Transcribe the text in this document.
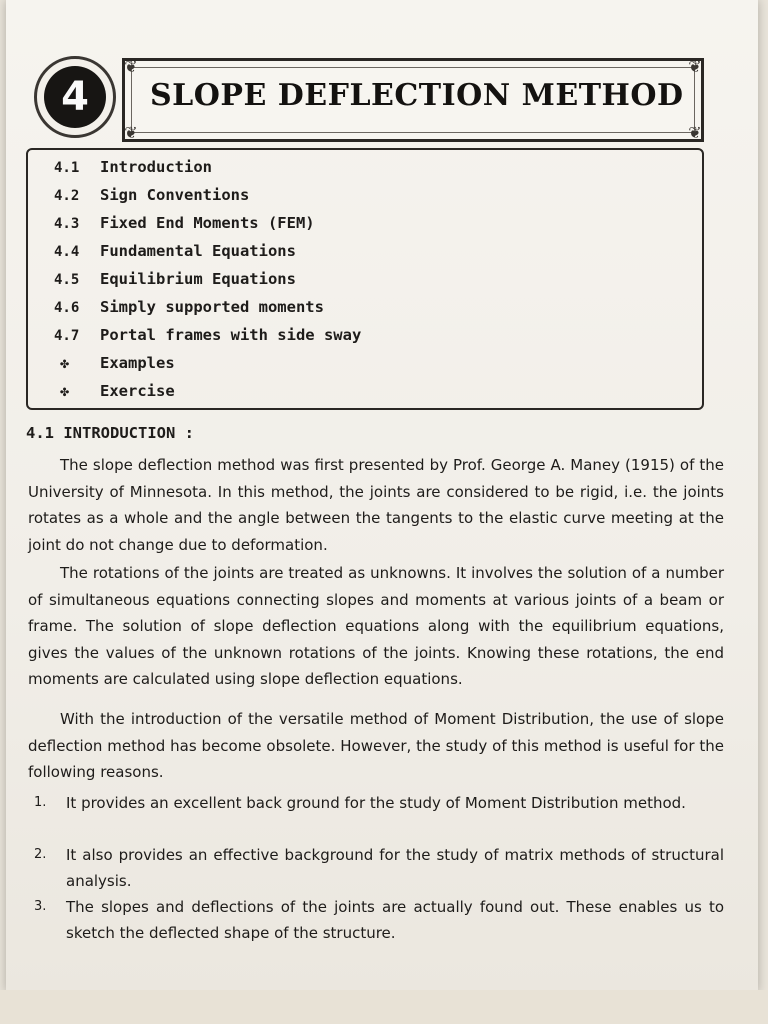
❦	❦
❦	❦
SLOPE DEFLECTION METHOD
4
4.1 Introduction
4.2 Sign Conventions
4.3 Fixed End Moments (FEM)
4.4 Fundamental Equations
4.5 Equilibrium Equations
4.6 Simply supported moments
4.7 Portal frames with side sway
✤ Examples
✤ Exercise
4.1 INTRODUCTION :

The slope deflection method was first presented by Prof. George A. Maney (1915) of the University of Minnesota. In this method, the joints are considered to be rigid, i.e. the joints rotates as a whole and the angle between the tangents to the elastic curve meeting at the joint do not change due to deformation.

The rotations of the joints are treated as unknowns. It involves the solution of a number of simultaneous equations connecting slopes and moments at various joints of a beam or frame. The solution of slope deflection equations along with the equilibrium equations, gives the values of the unknown rotations of the joints. Knowing these rotations, the end moments are calculated using slope deflection equations.

With the introduction of the versatile method of Moment Distribution, the use of slope deflection method has become obsolete. However, the study of this method is useful for the following reasons.

1. It provides an excellent back ground for the study of Moment Distribution method.
2. It also provides an effective background for the study of matrix methods of structural analysis.
3. The slopes and deflections of the joints are actually found out. These enables us to sketch the deflected shape of the structure.
